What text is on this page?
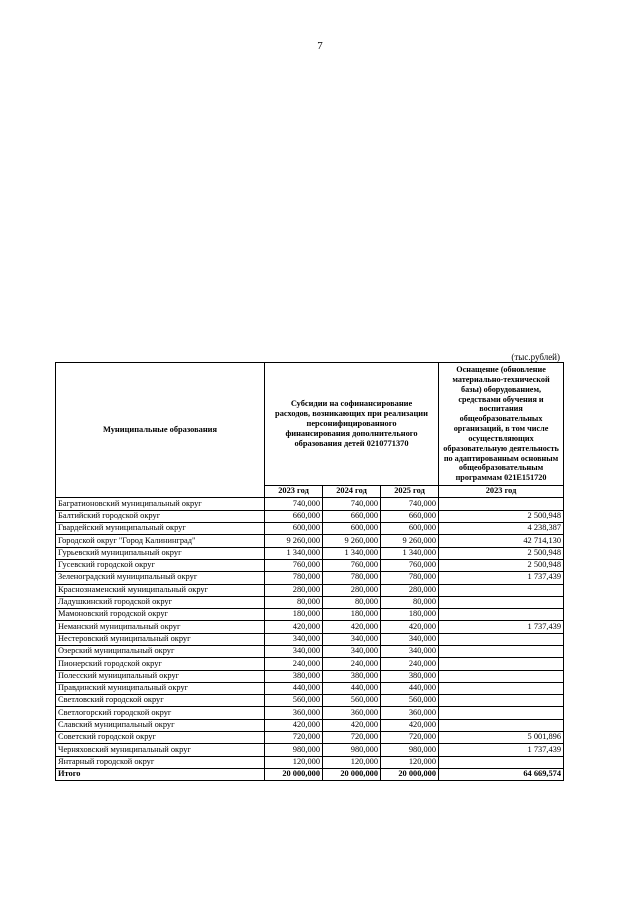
7
(тыс.рублей)
Муниципальные образования	Субсидии на софинансирование расходов, возникающих при реализации персонифицированного финансирования дополнительного образования детей 0210771370			Оснащение (обновление материально-технической базы) оборудованием, средствами обучения и воспитания общеобразовательных организаций, в том числе осуществляющих образовательную деятельность по адаптированным основным общеобразовательным программам 021Е151720
	2023 год	2024 год	2025 год	2023 год
Багратионовский муниципальный округ	740,000	740,000	740,000	
Балтийский городской округ	660,000	660,000	660,000	2 500,948
Гвардейский муниципальный округ	600,000	600,000	600,000	4 238,387
Городской округ "Город Калининград"	9 260,000	9 260,000	9 260,000	42 714,130
Гурьевский муниципальный округ	1 340,000	1 340,000	1 340,000	2 500,948
Гусевский городской округ	760,000	760,000	760,000	2 500,948
Зеленоградский муниципальный округ	780,000	780,000	780,000	1 737,439
Краснознаменский муниципальный округ	280,000	280,000	280,000	
Ладушкинский городской округ	80,000	80,000	80,000	
Мамоновский городской округ	180,000	180,000	180,000	
Неманский муниципальный округ	420,000	420,000	420,000	1 737,439
Нестеровский муниципальный округ	340,000	340,000	340,000	
Озерский муниципальный округ	340,000	340,000	340,000	
Пионерский городской округ	240,000	240,000	240,000	
Полесский муниципальный округ	380,000	380,000	380,000	
Правдинский муниципальный округ	440,000	440,000	440,000	
Светловский городской округ	560,000	560,000	560,000	
Светлогорский городской округ	360,000	360,000	360,000	
Славский муниципальный округ	420,000	420,000	420,000	
Советский городской округ	720,000	720,000	720,000	5 001,896
Черняховский муниципальный округ	980,000	980,000	980,000	1 737,439
Янтарный городской округ	120,000	120,000	120,000	
Итого	20 000,000	20 000,000	20 000,000	64 669,574
